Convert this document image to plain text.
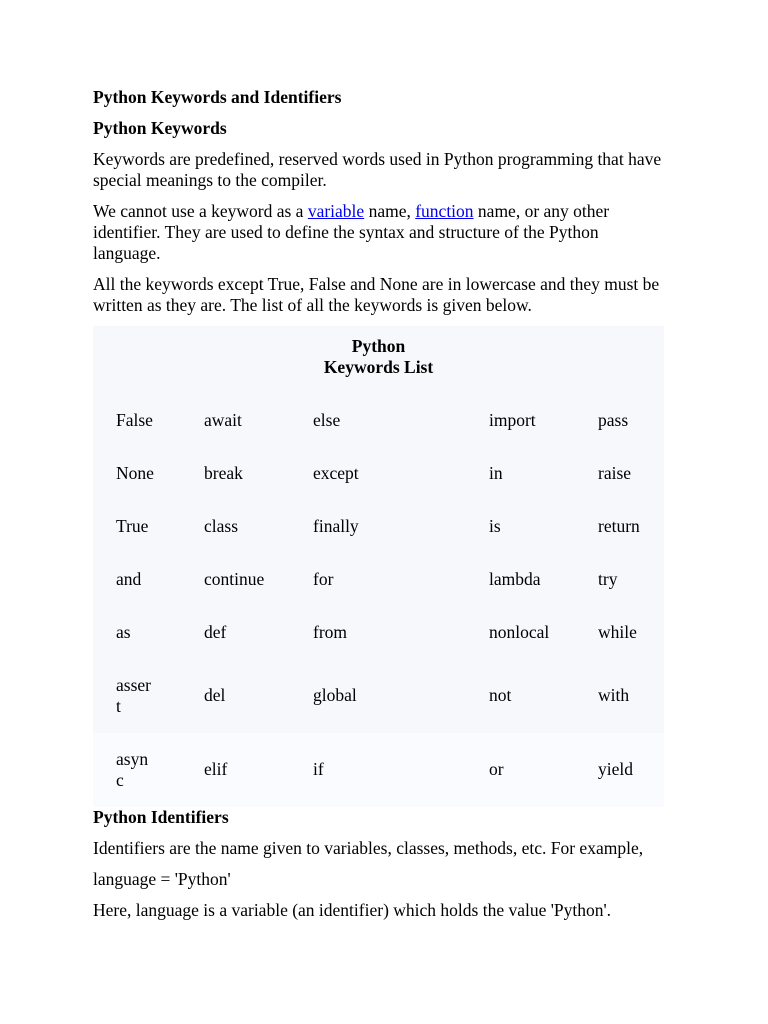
Python Keywords and Identifiers
Python Keywords

Keywords are predefined, reserved words used in Python programming that have special meanings to the compiler.

We cannot use a keyword as a variable name, function name, or any other identifier. They are used to define the syntax and structure of the Python language.

All the keywords except True, False and None are in lowercase and they must be written as they are. The list of all the keywords is given below.

Python Keywords List
False	await	else	import	pass
None	break	except	in	raise
True	class	finally	is	return
and	continue	for	lambda	try
as	def	from	nonlocal	while
assert	del	global	not	with
async	elif	if	or	yield
Python Identifiers

Identifiers are the name given to variables, classes, methods, etc. For example,

language = 'Python'

Here, language is a variable (an identifier) which holds the value 'Python'.
